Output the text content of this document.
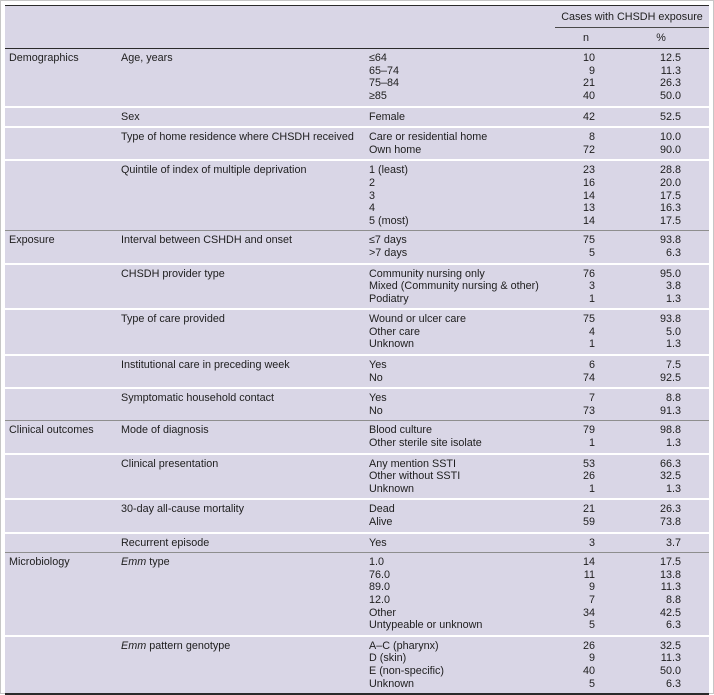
Cases with CHSDH exposure
n	%
Demographics	Age, years	≤64	10	12.5
65–74	9	11.3
75–84	21	26.3
≥85	40	50.0
Sex	Female	42	52.5
Type of home residence where CHSDH received	Care or residential home	8	10.0
Own home	72	90.0
Quintile of index of multiple deprivation	1 (least)	23	28.8
2	16	20.0
3	14	17.5
4	13	16.3
5 (most)	14	17.5
Exposure	Interval between CSHDH and onset	≤7 days	75	93.8
>7 days	5	6.3
CHSDH provider type	Community nursing only	76	95.0
Mixed (Community nursing & other)	3	3.8
Podiatry	1	1.3
Type of care provided	Wound or ulcer care	75	93.8
Other care	4	5.0
Unknown	1	1.3
Institutional care in preceding week	Yes	6	7.5
No	74	92.5
Symptomatic household contact	Yes	7	8.8
No	73	91.3
Clinical outcomes	Mode of diagnosis	Blood culture	79	98.8
Other sterile site isolate	1	1.3
Clinical presentation	Any mention SSTI	53	66.3
Other without SSTI	26	32.5
Unknown	1	1.3
30-day all-cause mortality	Dead	21	26.3
Alive	59	73.8
Recurrent episode	Yes	3	3.7
Microbiology	Emm type	1.0	14	17.5
76.0	11	13.8
89.0	9	11.3
12.0	7	8.8
Other	34	42.5
Untypeable or unknown	5	6.3
Emm pattern genotype	A–C (pharynx)	26	32.5
D (skin)	9	11.3
E (non-specific)	40	50.0
Unknown	5	6.3
